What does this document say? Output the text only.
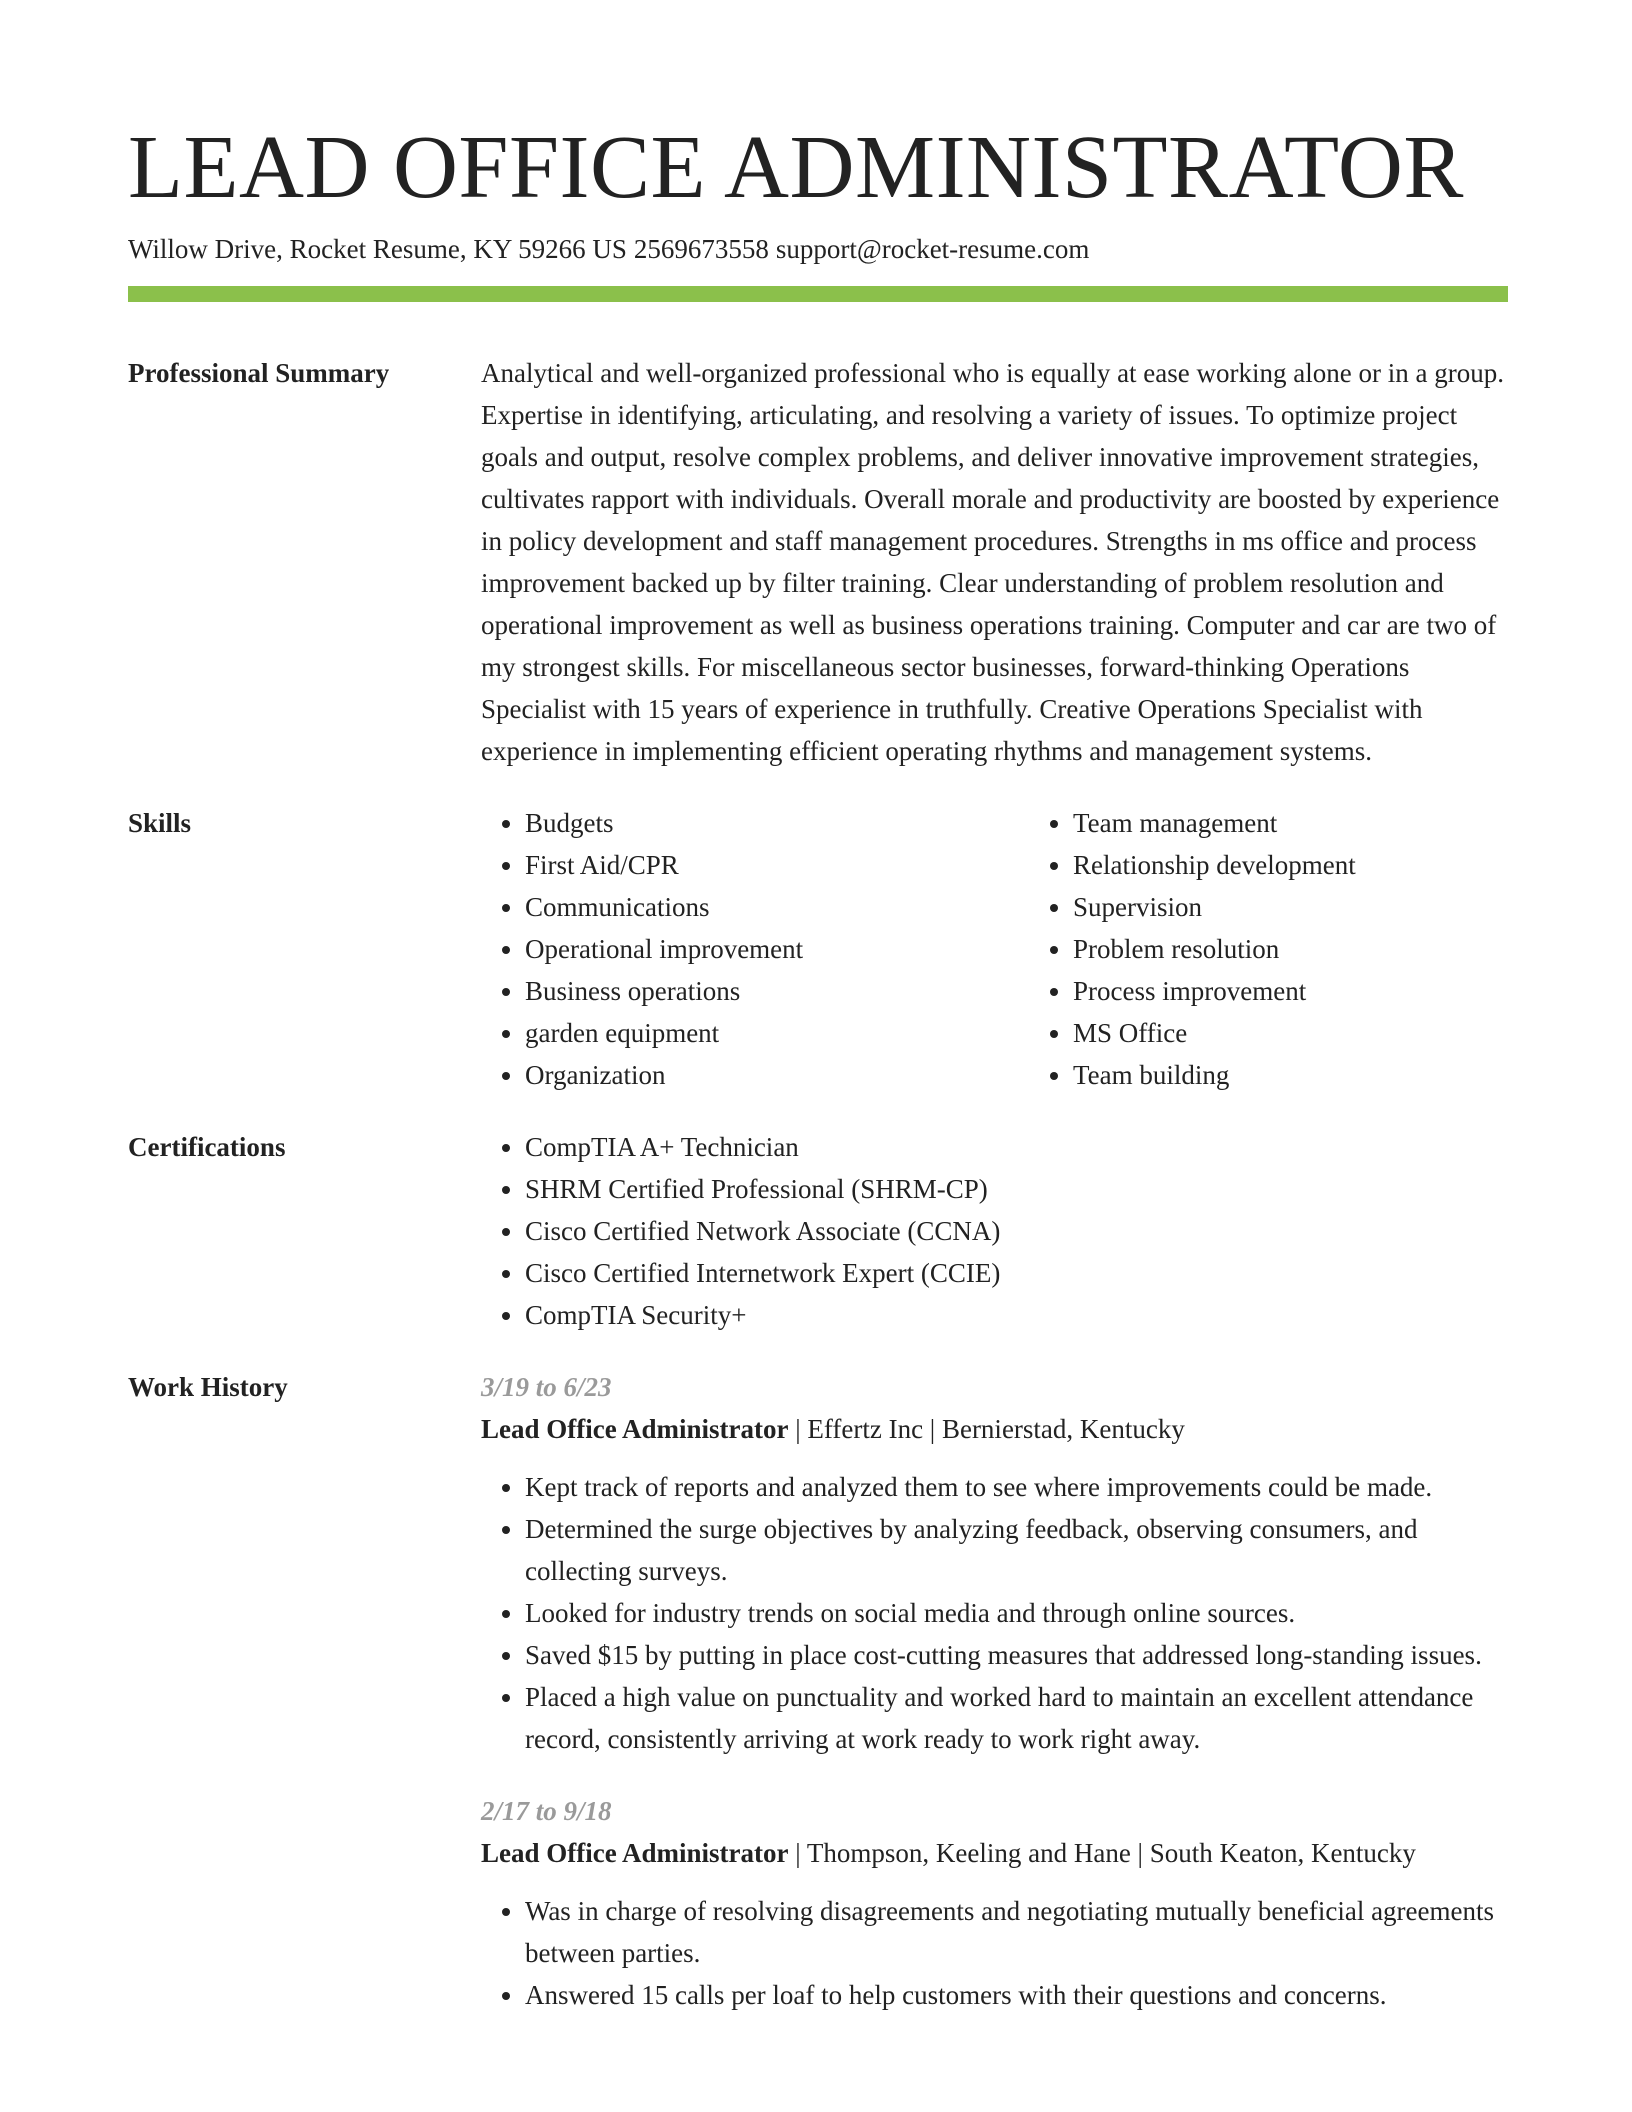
LEAD OFFICE ADMINISTRATOR
Willow Drive, Rocket Resume, KY 59266 US 2569673558 support@rocket-resume.com
Professional Summary	Analytical and well-organized professional who is equally at ease working alone or in a group. Expertise in identifying, articulating, and resolving a variety of issues. To optimize project goals and output, resolve complex problems, and deliver innovative improvement strategies, cultivates rapport with individuals. Overall morale and productivity are boosted by experience in policy development and staff management procedures. Strengths in ms office and process improvement backed up by filter training. Clear understanding of problem resolution and operational improvement as well as business operations training. Computer and car are two of my strongest skills. For miscellaneous sector businesses, forward-thinking Operations Specialist with 15 years of experience in truthfully. Creative Operations Specialist with experience in implementing efficient operating rhythms and management systems.
Skills	• Budgets
• First Aid/CPR
• Communications
• Operational improvement
• Business operations
• garden equipment
• Organization
• Team management
• Relationship development
• Supervision
• Problem resolution
• Process improvement
• MS Office
• Team building
Certifications	• CompTIA A+ Technician
• SHRM Certified Professional (SHRM-CP)
• Cisco Certified Network Associate (CCNA)
• Cisco Certified Internetwork Expert (CCIE)
• CompTIA Security+
Work History	3/19 to 6/23
Lead Office Administrator | Effertz Inc | Bernierstad, Kentucky
• Kept track of reports and analyzed them to see where improvements could be made.
• Determined the surge objectives by analyzing feedback, observing consumers, and collecting surveys.
• Looked for industry trends on social media and through online sources.
• Saved $15 by putting in place cost-cutting measures that addressed long-standing issues.
• Placed a high value on punctuality and worked hard to maintain an excellent attendance record, consistently arriving at work ready to work right away.
2/17 to 9/18
Lead Office Administrator | Thompson, Keeling and Hane | South Keaton, Kentucky
• Was in charge of resolving disagreements and negotiating mutually beneficial agreements between parties.
• Answered 15 calls per loaf to help customers with their questions and concerns.
